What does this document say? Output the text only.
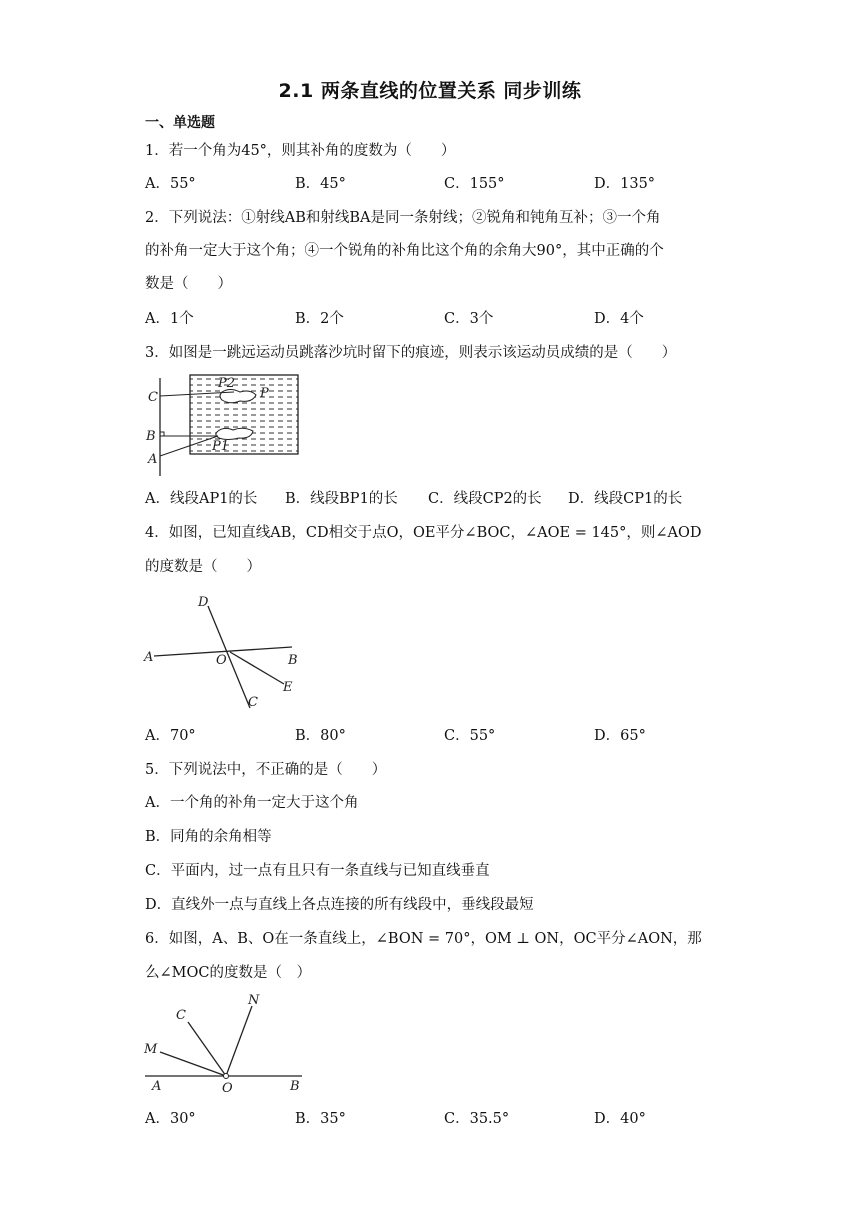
2.1 两条直线的位置关系 同步训练
一、单选题
1．若一个角为45°，则其补角的度数为（　　）
A．55°	B．45°	C．155°	D．135°
2．下列说法：①射线AB和射线BA是同一条射线；②锐角和钝角互补；③一个角
的补角一定大于这个角；④一个锐角的补角比这个角的余角大90°，其中正确的个
数是（　　）
A．1个	B．2个	C．3个	D．4个
3．如图是一跳远运动员跳落沙坑时留下的痕迹，则表示该运动员成绩的是（　　）
C
B
A
P2
P
P1
A．线段AP1的长 B．线段BP1的长 C．线段CP2的长 D．线段CP1的长
4．如图，已知直线AB，CD相交于点O，OE平分∠BOC，∠AOE = 145°，则∠AOD
的度数是（　　）
D
A	O	B
E
C
A．70°	B．80°	C．55°	D．65°
5．下列说法中，不正确的是（　　）
A．一个角的补角一定大于这个角
B．同角的余角相等
C．平面内，过一点有且只有一条直线与已知直线垂直
D．直线外一点与直线上各点连接的所有线段中，垂线段最短
6．如图，A、B、O在一条直线上，∠BON = 70°，OM ⊥ ON，OC平分∠AON，那
么∠MOC的度数是（　）
N
C
M
A	O	B
A．30°	B．35°	C．35.5°	D．40°
